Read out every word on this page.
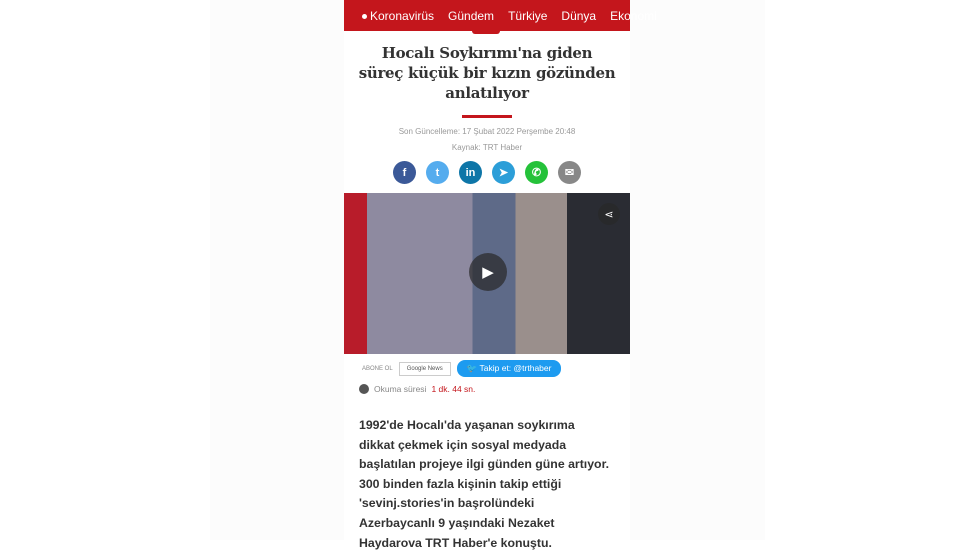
Koronavirüs Gündem Türkiye Dünya Ekonomi
Hocalı Soykırımı'na giden süreç küçük bir kızın gözünden anlatılıyor
Son Güncelleme: 17 Şubat 2022 Perşembe 20:48
Kaynak: TRT Haber
f	t	in	➤	✆	✉
▶
⋖
ABONE OL	Google News	🐦 Takip et: @trthaber
Okuma süresi 1 dk. 44 sn.

1992'de Hocalı'da yaşanan soykırıma dikkat çekmek için sosyal medyada başlatılan projeye ilgi günden güne artıyor. 300 binden fazla kişinin takip ettiği 'sevinj.stories'in başrolündeki Azerbaycanlı 9 yaşındaki Nezaket Haydarova TRT Haber'e konuştu.
